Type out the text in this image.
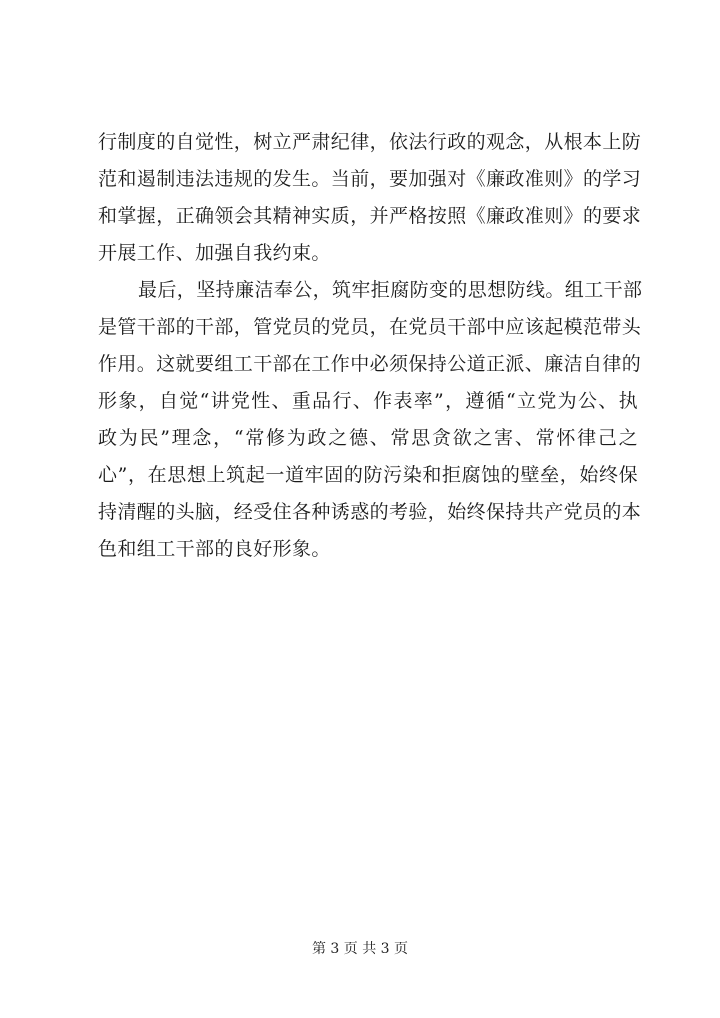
行制度的自觉性，树立严肃纪律，依法行政的观念，从根本上防
范和遏制违法违规的发生。当前，要加强对《廉政准则》的学习
和掌握，正确领会其精神实质，并严格按照《廉政准则》的要求
开展工作、加强自我约束。
最后，坚持廉洁奉公，筑牢拒腐防变的思想防线。组工干部
是管干部的干部，管党员的党员，在党员干部中应该起模范带头
作用。这就要组工干部在工作中必须保持公道正派、廉洁自律的
形象，自觉“讲党性、重品行、作表率”，遵循“立党为公、执
政为民”理念，“常修为政之德、常思贪欲之害、常怀律己之
心”，在思想上筑起一道牢固的防污染和拒腐蚀的壁垒，始终保
持清醒的头脑，经受住各种诱惑的考验，始终保持共产党员的本
色和组工干部的良好形象。
第 3 页 共 3 页
